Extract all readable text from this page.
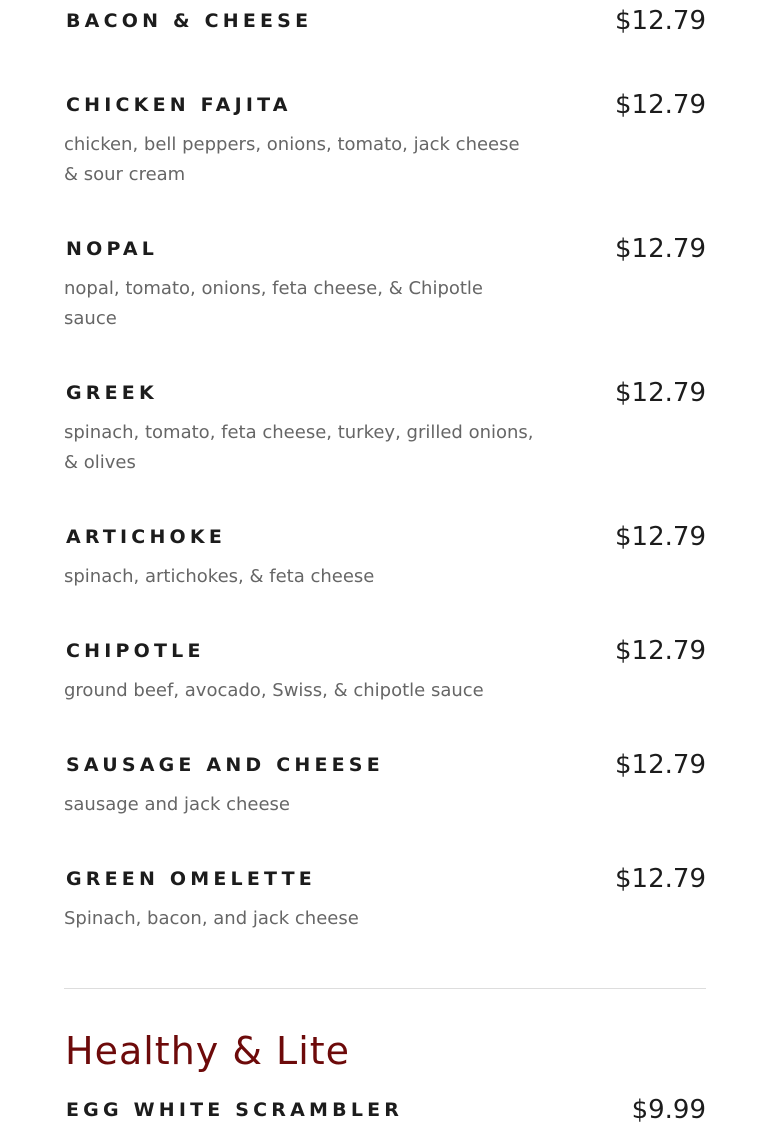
BACON & CHEESE	$12.79
CHICKEN FAJITA	$12.79
chicken, bell peppers, onions, tomato, jack cheese & sour cream
NOPAL	$12.79
nopal, tomato, onions, feta cheese, & Chipotle sauce
GREEK	$12.79
spinach, tomato, feta cheese, turkey, grilled onions, & olives
ARTICHOKE	$12.79
spinach, artichokes, & feta cheese
CHIPOTLE	$12.79
ground beef, avocado, Swiss, & chipotle sauce
SAUSAGE AND CHEESE	$12.79
sausage and jack cheese
GREEN OMELETTE	$12.79
Spinach, bacon, and jack cheese
Healthy & Lite
EGG WHITE SCRAMBLER	$9.99
